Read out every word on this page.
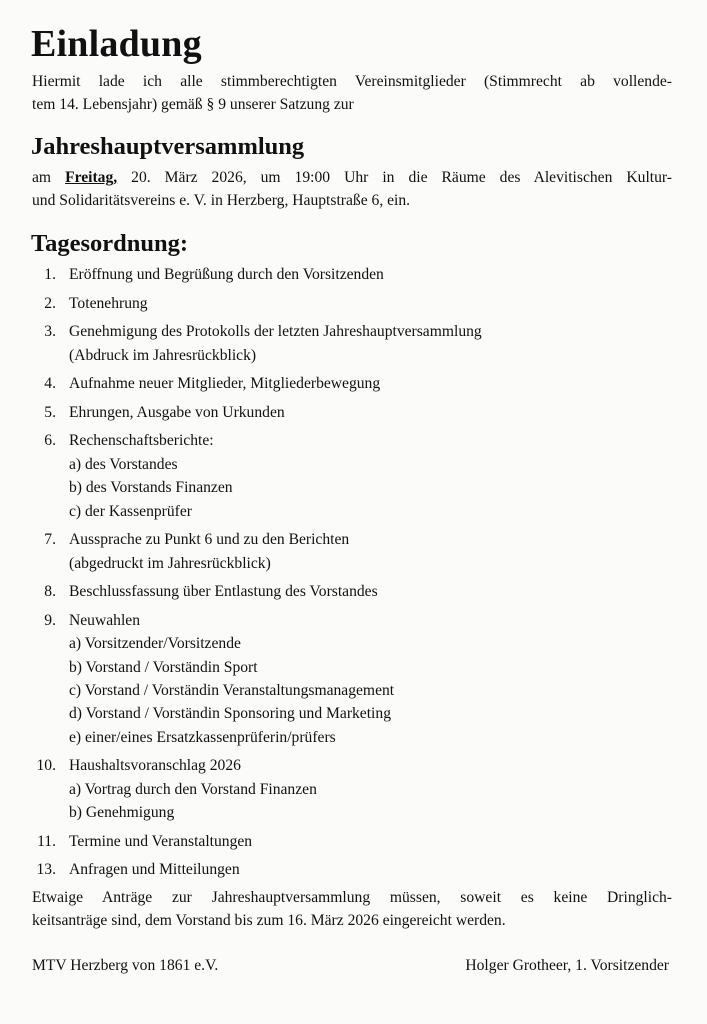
Einladung
Hiermit lade ich alle stimmberechtigten Vereinsmitglieder (Stimmrecht ab vollende-
tem 14. Lebensjahr) gemäß § 9 unserer Satzung zur
Jahreshauptversammlung
am Freitag, 20. März 2026, um 19:00 Uhr in die Räume des Alevitischen Kultur-
und Solidaritätsvereins e. V. in Herzberg, Hauptstraße 6, ein.
Tagesordnung:
1. Eröffnung und Begrüßung durch den Vorsitzenden
2. Totenehrung
3. Genehmigung des Protokolls der letzten Jahreshauptversammlung
(Abdruck im Jahresrückblick)
4. Aufnahme neuer Mitglieder, Mitgliederbewegung
5. Ehrungen, Ausgabe von Urkunden
6. Rechenschaftsberichte:
a) des Vorstandes
b) des Vorstands Finanzen
c) der Kassenprüfer
7. Aussprache zu Punkt 6 und zu den Berichten
(abgedruckt im Jahresrückblick)
8. Beschlussfassung über Entlastung des Vorstandes
9. Neuwahlen
a) Vorsitzender/Vorsitzende
b) Vorstand / Vorständin Sport
c) Vorstand / Vorständin Veranstaltungsmanagement
d) Vorstand / Vorständin Sponsoring und Marketing
e) einer/eines Ersatzkassenprüferin/prüfers
10. Haushaltsvoranschlag 2026
a) Vortrag durch den Vorstand Finanzen
b) Genehmigung
11. Termine und Veranstaltungen
13. Anfragen und Mitteilungen
Etwaige Anträge zur Jahreshauptversammlung müssen, soweit es keine Dringlich-
keitsanträge sind, dem Vorstand bis zum 16. März 2026 eingereicht werden.
MTV Herzberg von 1861 e.V.	Holger Grotheer, 1. Vorsitzender
